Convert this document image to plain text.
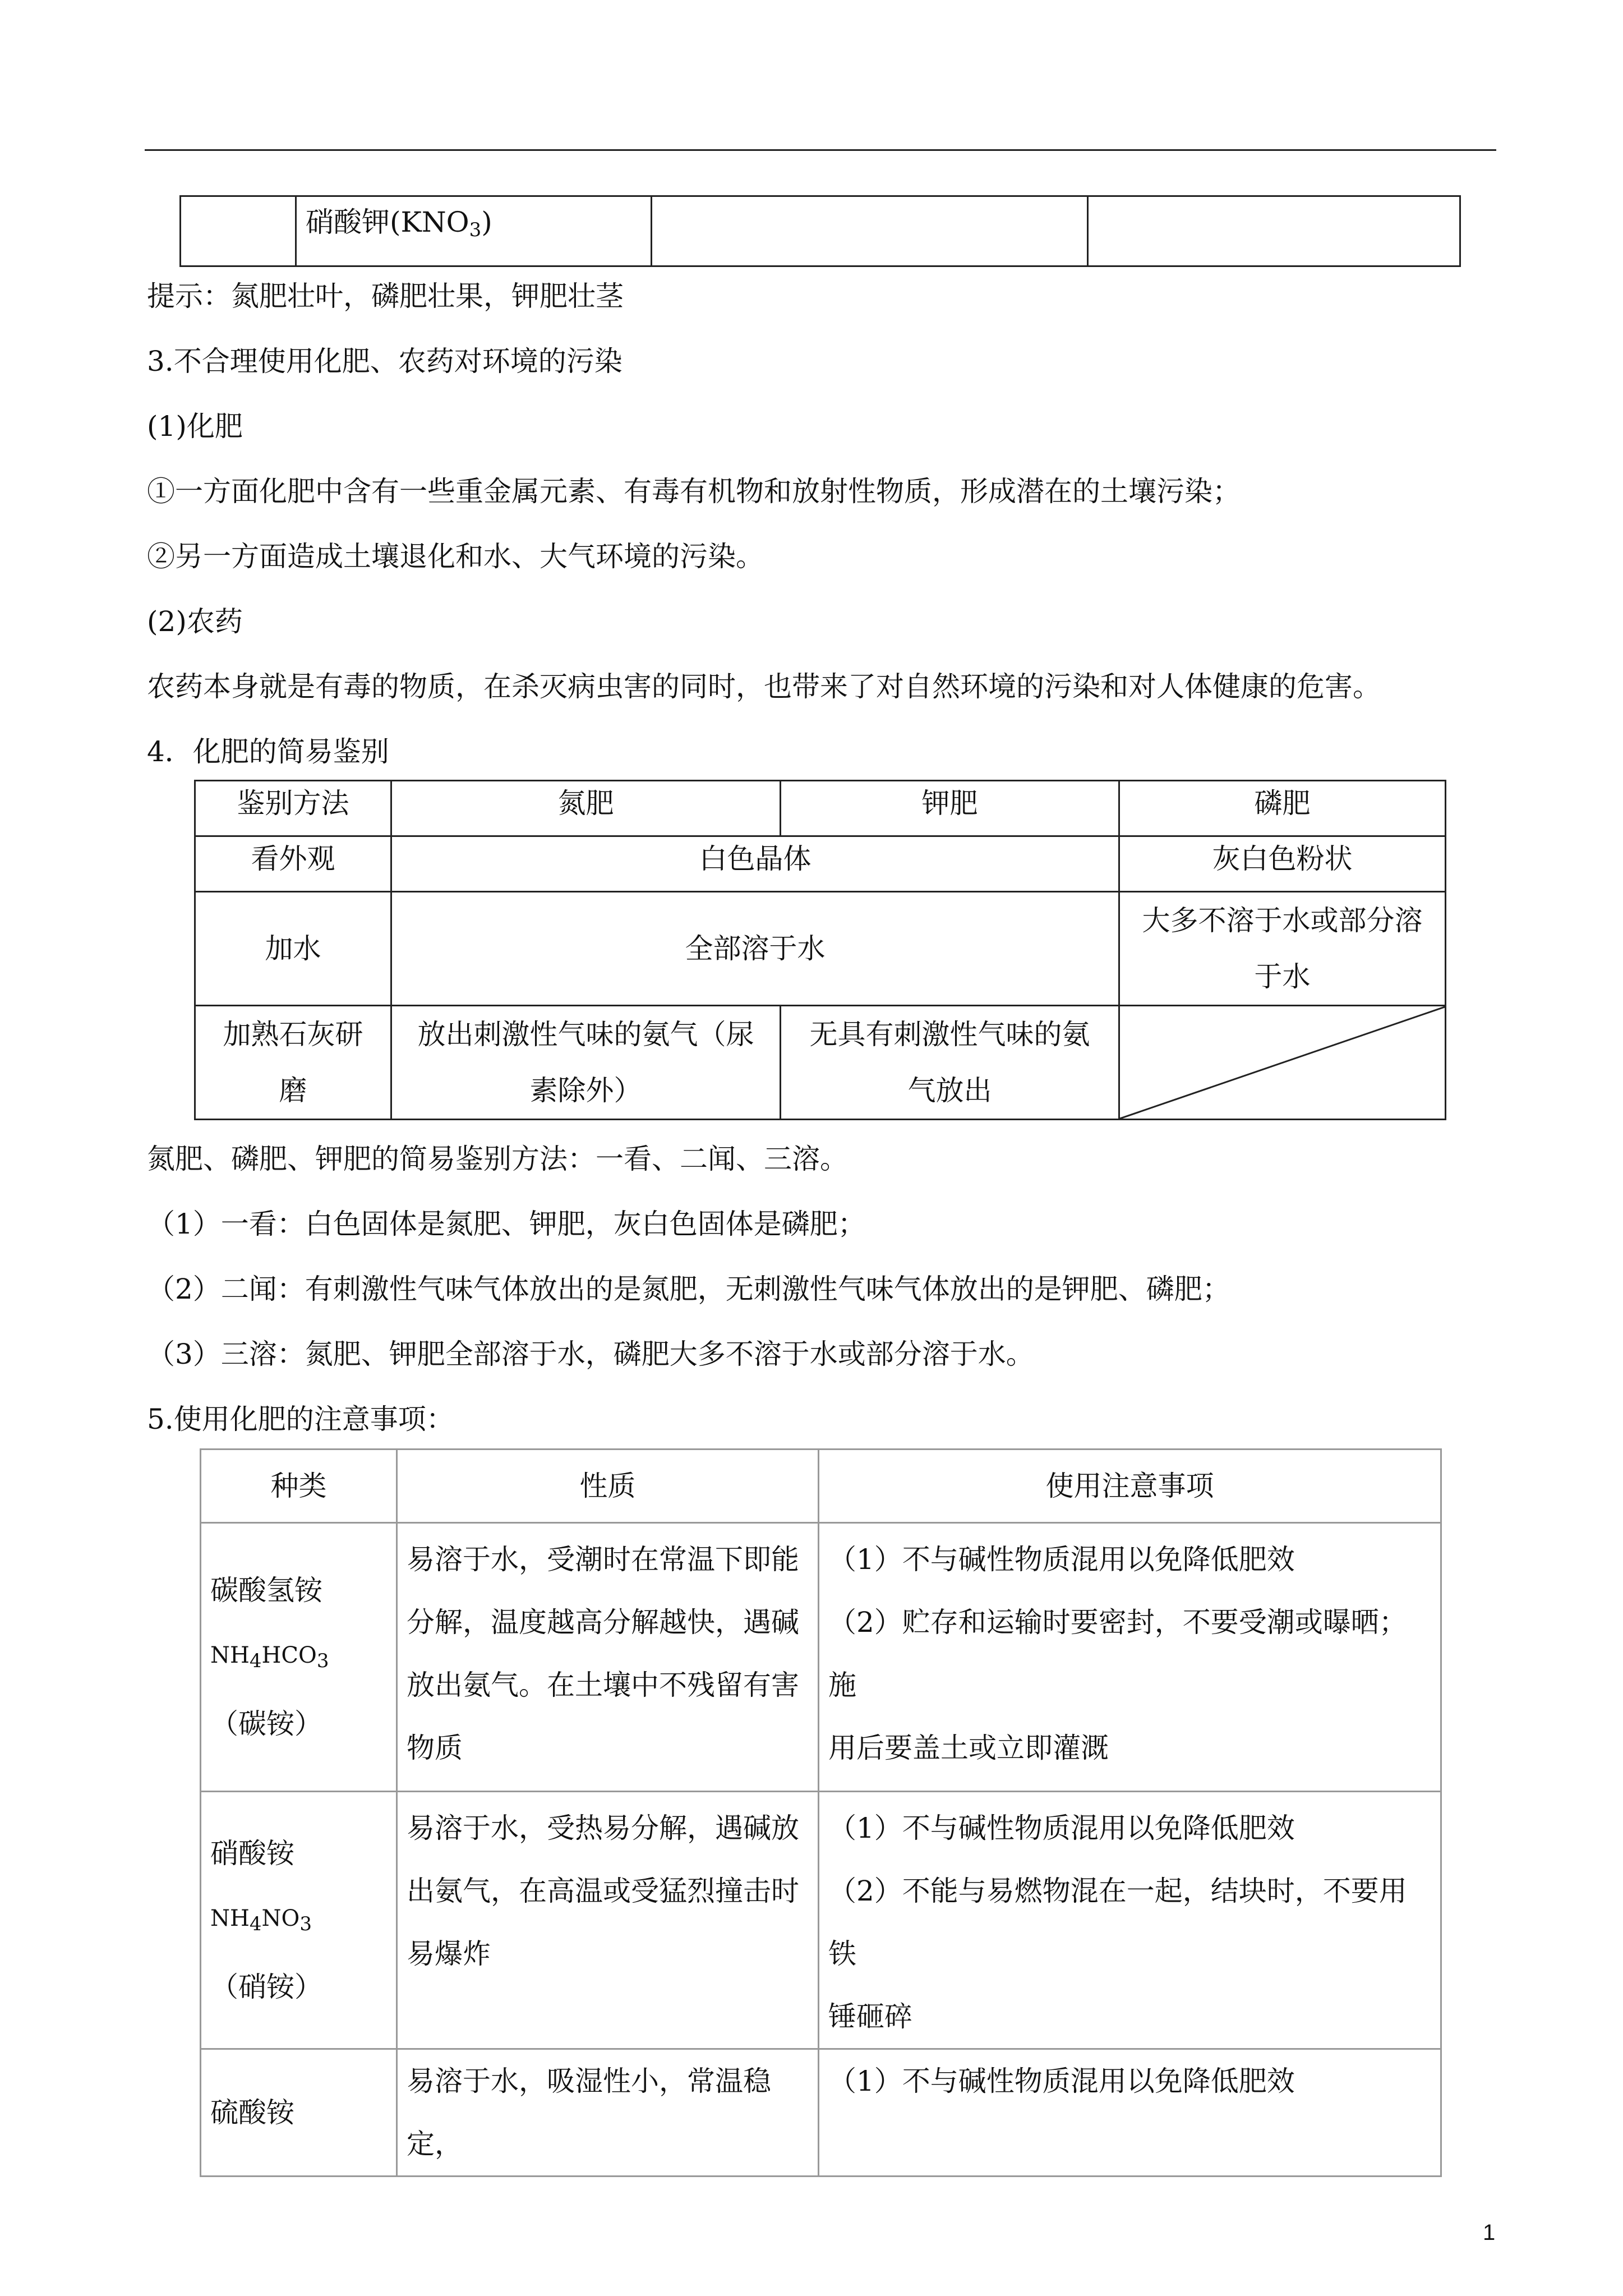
	硝酸钾$(KNO_3)$		

提示：氮肥壮叶，磷肥壮果，钾肥壮茎

3.不合理使用化肥、农药对环境的污染

(1)化肥

①一方面化肥中含有一些重金属元素、有毒有机物和放射性物质，形成潜在的土壤污染；

②另一方面造成土壤退化和水、大气环境的污染。

(2)农药

农药本身就是有毒的物质，在杀灭病虫害的同时，也带来了对自然环境的污染和对人体健康的危害。

4．化肥的简易鉴别

鉴别方法	氮肥	钾肥	磷肥
看外观	白色晶体		灰白色粉状
加水	全部溶于水		大多不溶于水或部分溶
于水
加熟石灰研
磨	放出刺激性气味的氨气（尿
素除外）	无具有刺激性气味的氨
气放出	

氮肥、磷肥、钾肥的简易鉴别方法：一看、二闻、三溶。

（1）一看：白色固体是氮肥、钾肥，灰白色固体是磷肥；

（2）二闻：有刺激性气味气体放出的是氮肥，无刺激性气味气体放出的是钾肥、磷肥；

（3）三溶：氮肥、钾肥全部溶于水，磷肥大多不溶于水或部分溶于水。

5.使用化肥的注意事项：

种类	性质	使用注意事项
碳酸氢铵
$NH_4HCO_3$
（碳铵）	易溶于水，受潮时在常温下即能
分解，温度越高分解越快，遇碱
放出氨气。在土壤中不残留有害
物质	（1）不与碱性物质混用以免降低肥效
（2）贮存和运输时要密封，不要受潮或曝晒；施
用后要盖土或立即灌溉
硝酸铵
$NH_4NO_3$
（硝铵）	易溶于水，受热易分解，遇碱放
出氨气，在高温或受猛烈撞击时
易爆炸	（1）不与碱性物质混用以免降低肥效
（2）不能与易燃物混在一起，结块时，不要用铁
锤砸碎
硫酸铵	易溶于水，吸湿性小，常温稳定，	（1）不与碱性物质混用以免降低肥效
1
